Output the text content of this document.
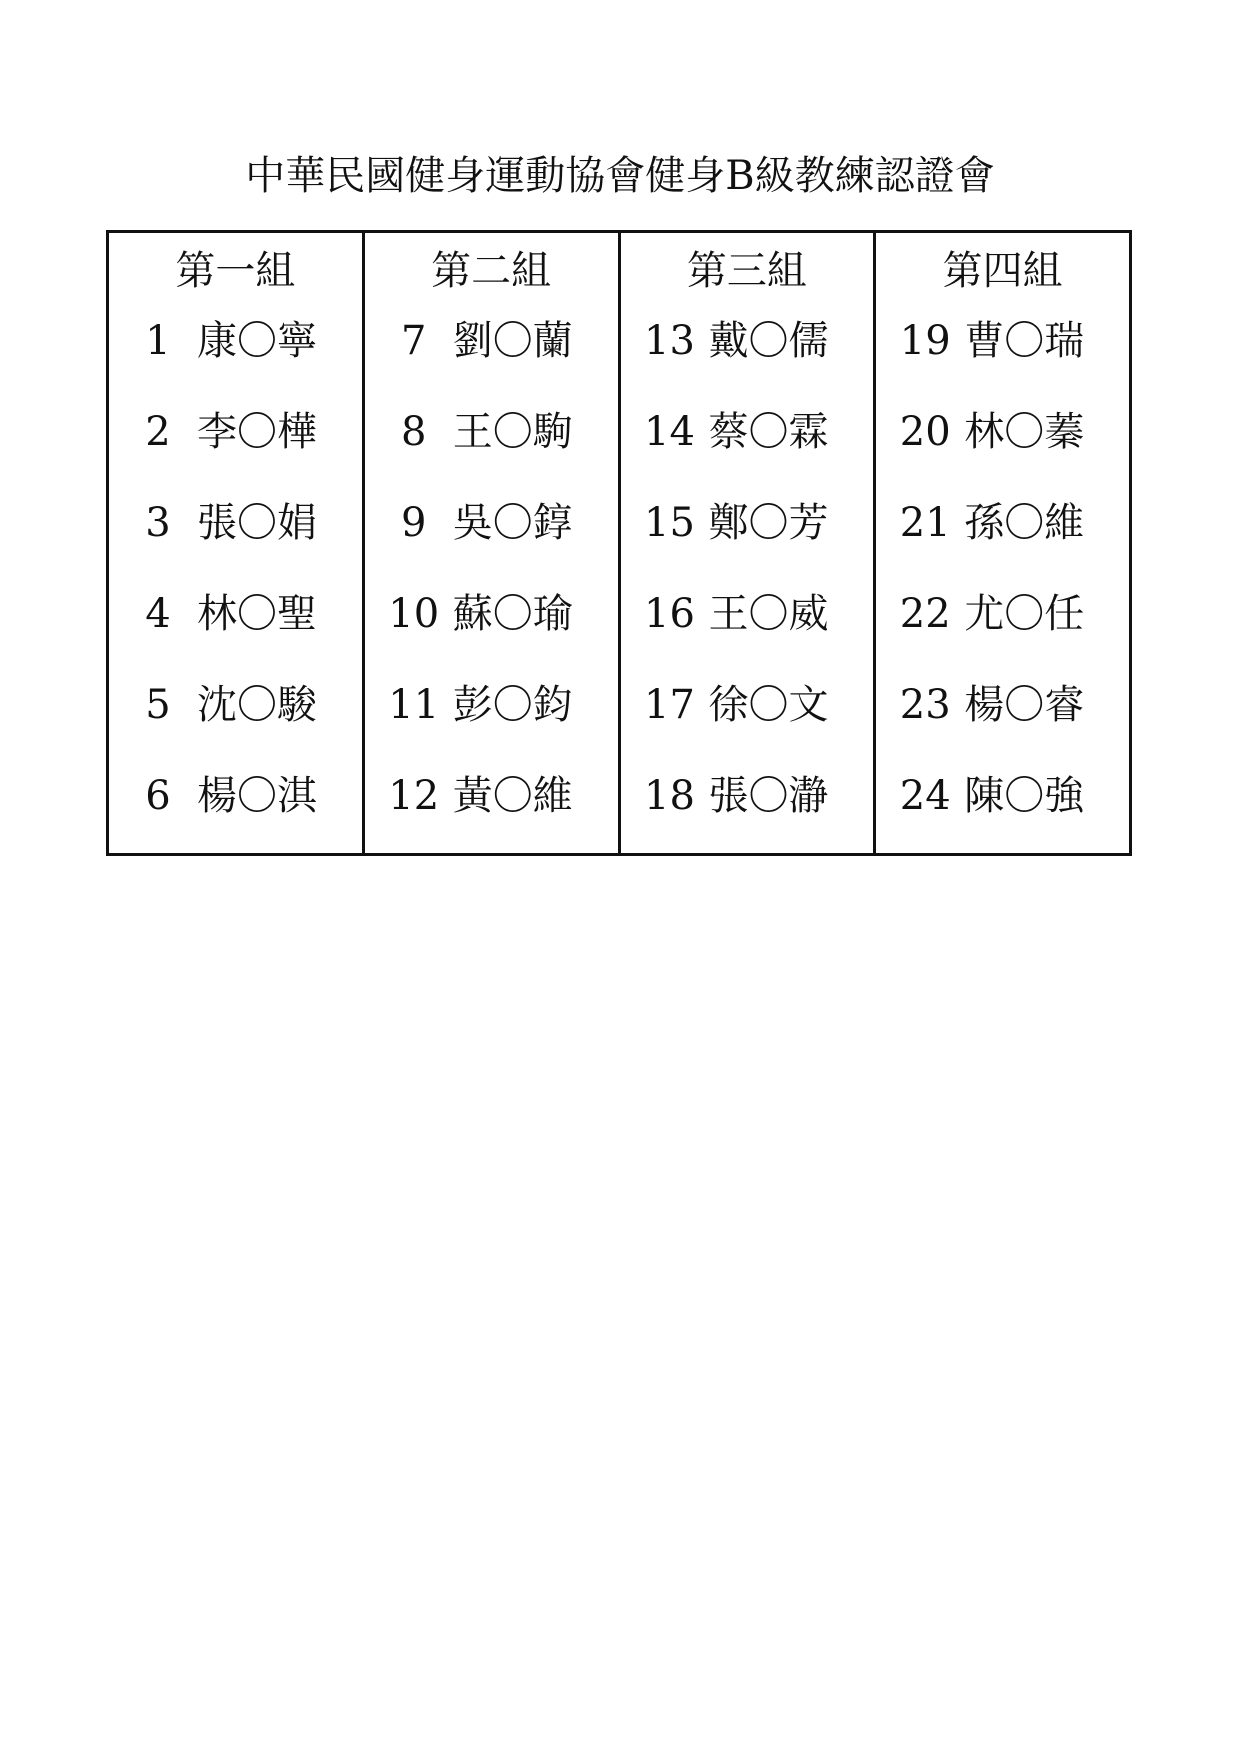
中華民國健身運動協會健身B級教練認證會
第一組
1 康〇寧
2 李〇樺
3 張〇娟
4 林〇聖
5 沈〇駿
6 楊〇淇
第二組
7 劉〇蘭
8 王〇駒
9 吳〇錞
10 蘇〇瑜
11 彭〇鈞
12 黃〇維
第三組
13 戴〇儒
14 蔡〇霖
15 鄭〇芳
16 王〇威
17 徐〇文
18 張〇瀞
第四組
19 曹〇瑞
20 林〇蓁
21 孫〇維
22 尤〇任
23 楊〇睿
24 陳〇強
